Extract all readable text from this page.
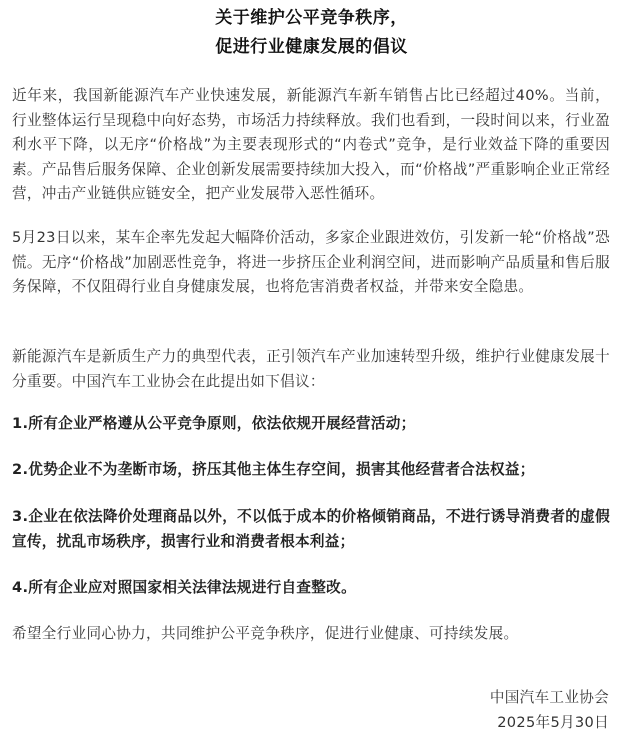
关于维护公平竞争秩序，
促进行业健康发展的倡议

近年来，我国新能源汽车产业快速发展，新能源汽车新车销售占比已经超过40%。当前，行业整体运行呈现稳中向好态势，市场活力持续释放。我们也看到，一段时间以来，行业盈利水平下降，以无序“价格战”为主要表现形式的“内卷式”竞争，是行业效益下降的重要因素。产品售后服务保障、企业创新发展需要持续加大投入，而“价格战”严重影响企业正常经营，冲击产业链供应链安全，把产业发展带入恶性循环。

5月23日以来，某车企率先发起大幅降价活动，多家企业跟进效仿，引发新一轮“价格战”恐慌。无序“价格战”加剧恶性竞争，将进一步挤压企业利润空间，进而影响产品质量和售后服务保障，不仅阻碍行业自身健康发展，也将危害消费者权益，并带来安全隐患。

新能源汽车是新质生产力的典型代表，正引领汽车产业加速转型升级，维护行业健康发展十分重要。中国汽车工业协会在此提出如下倡议：

1.所有企业严格遵从公平竞争原则，依法依规开展经营活动；

2.优势企业不为垄断市场，挤压其他主体生存空间，损害其他经营者合法权益；

3.企业在依法降价处理商品以外，不以低于成本的价格倾销商品，不进行诱导消费者的虚假宣传，扰乱市场秩序，损害行业和消费者根本利益；

4.所有企业应对照国家相关法律法规进行自查整改。

希望全行业同心协力，共同维护公平竞争秩序，促进行业健康、可持续发展。

中国汽车工业协会
2025年5月30日
